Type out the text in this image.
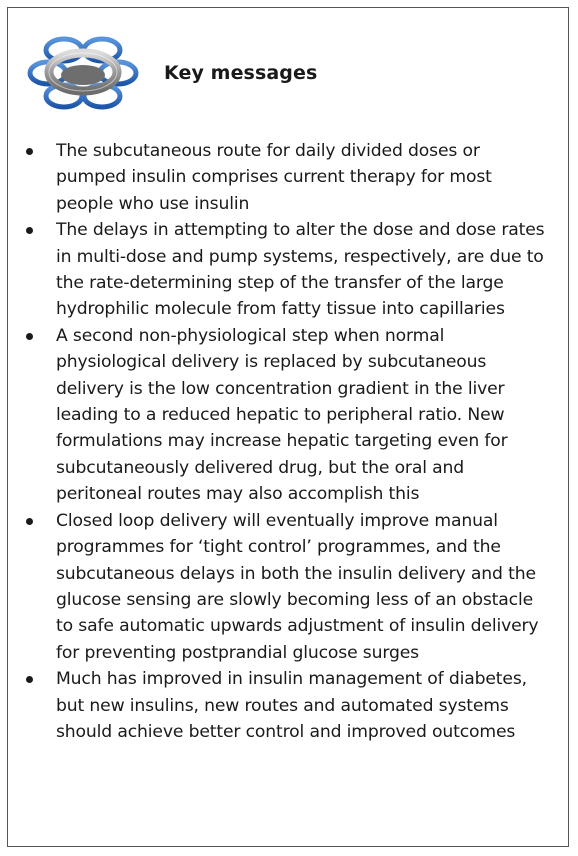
Key messages
The subcutaneous route for daily divided doses or pumped insulin comprises current therapy for most people who use insulin
The delays in attempting to alter the dose and dose rates in multi-dose and pump systems, respectively, are due to the rate-determining step of the transfer of the large hydrophilic molecule from fatty tissue into capillaries
A second non-physiological step when normal physiological delivery is replaced by subcutaneous delivery is the low concentration gradient in the liver leading to a reduced hepatic to peripheral ratio. New formulations may increase hepatic targeting even for subcutaneously delivered drug, but the oral and peritoneal routes may also accomplish this
Closed loop delivery will eventually improve manual programmes for ‘tight control’ programmes, and the subcutaneous delays in both the insulin delivery and the glucose sensing are slowly becoming less of an obstacle to safe automatic upwards adjustment of insulin delivery for preventing postprandial glucose surges
Much has improved in insulin management of diabetes, but new insulins, new routes and automated systems should achieve better control and improved outcomes
